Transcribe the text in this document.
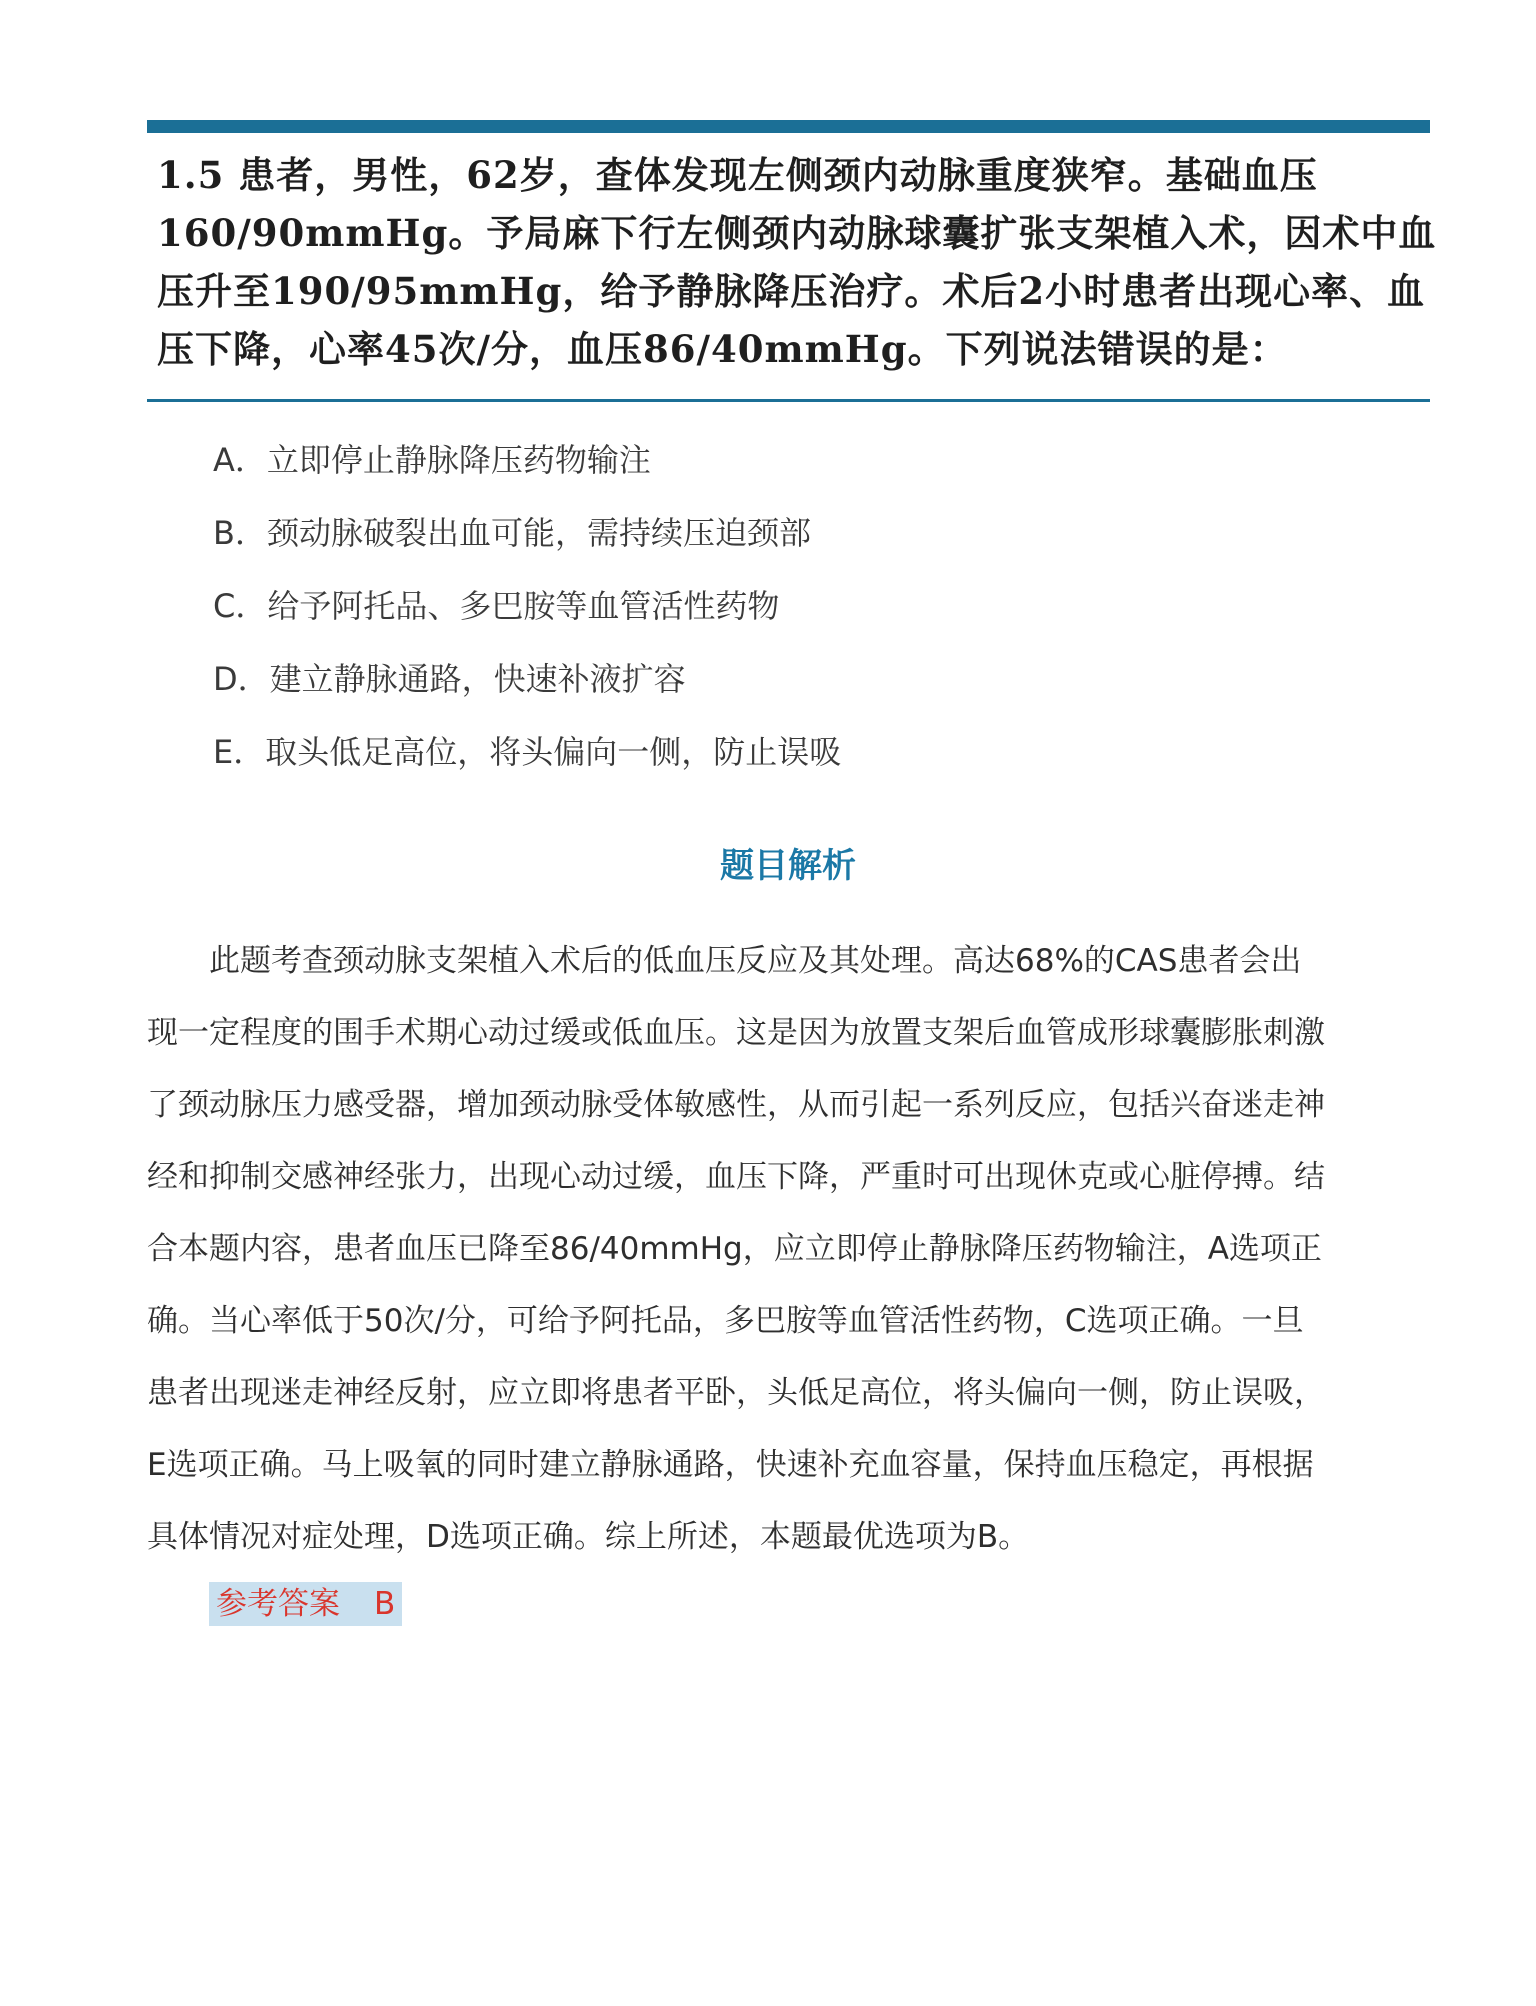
1.5 患者，男性，62岁，查体发现左侧颈内动脉重度狭窄。基础血压
160/90mmHg。予局麻下行左侧颈内动脉球囊扩张支架植入术，因术中血
压升至190/95mmHg，给予静脉降压治疗。术后2小时患者出现心率、血
压下降，心率45次/分，血压86/40mmHg。下列说法错误的是：
A．立即停止静脉降压药物输注
B．颈动脉破裂出血可能，需持续压迫颈部
C．给予阿托品、多巴胺等血管活性药物
D．建立静脉通路，快速补液扩容
E．取头低足高位，将头偏向一侧，防止误吸
题目解析
　　此题考查颈动脉支架植入术后的低血压反应及其处理。高达68%的CAS患者会出
现一定程度的围手术期心动过缓或低血压。这是因为放置支架后血管成形球囊膨胀刺激
了颈动脉压力感受器，增加颈动脉受体敏感性，从而引起一系列反应，包括兴奋迷走神
经和抑制交感神经张力，出现心动过缓，血压下降，严重时可出现休克或心脏停搏。结
合本题内容，患者血压已降至86/40mmHg，应立即停止静脉降压药物输注，A选项正
确。当心率低于50次/分，可给予阿托品，多巴胺等血管活性药物，C选项正确。一旦
患者出现迷走神经反射，应立即将患者平卧，头低足高位，将头偏向一侧，防止误吸，
E选项正确。马上吸氧的同时建立静脉通路，快速补充血容量，保持血压稳定，再根据
具体情况对症处理，D选项正确。综上所述，本题最优选项为B。
参考答案 B
